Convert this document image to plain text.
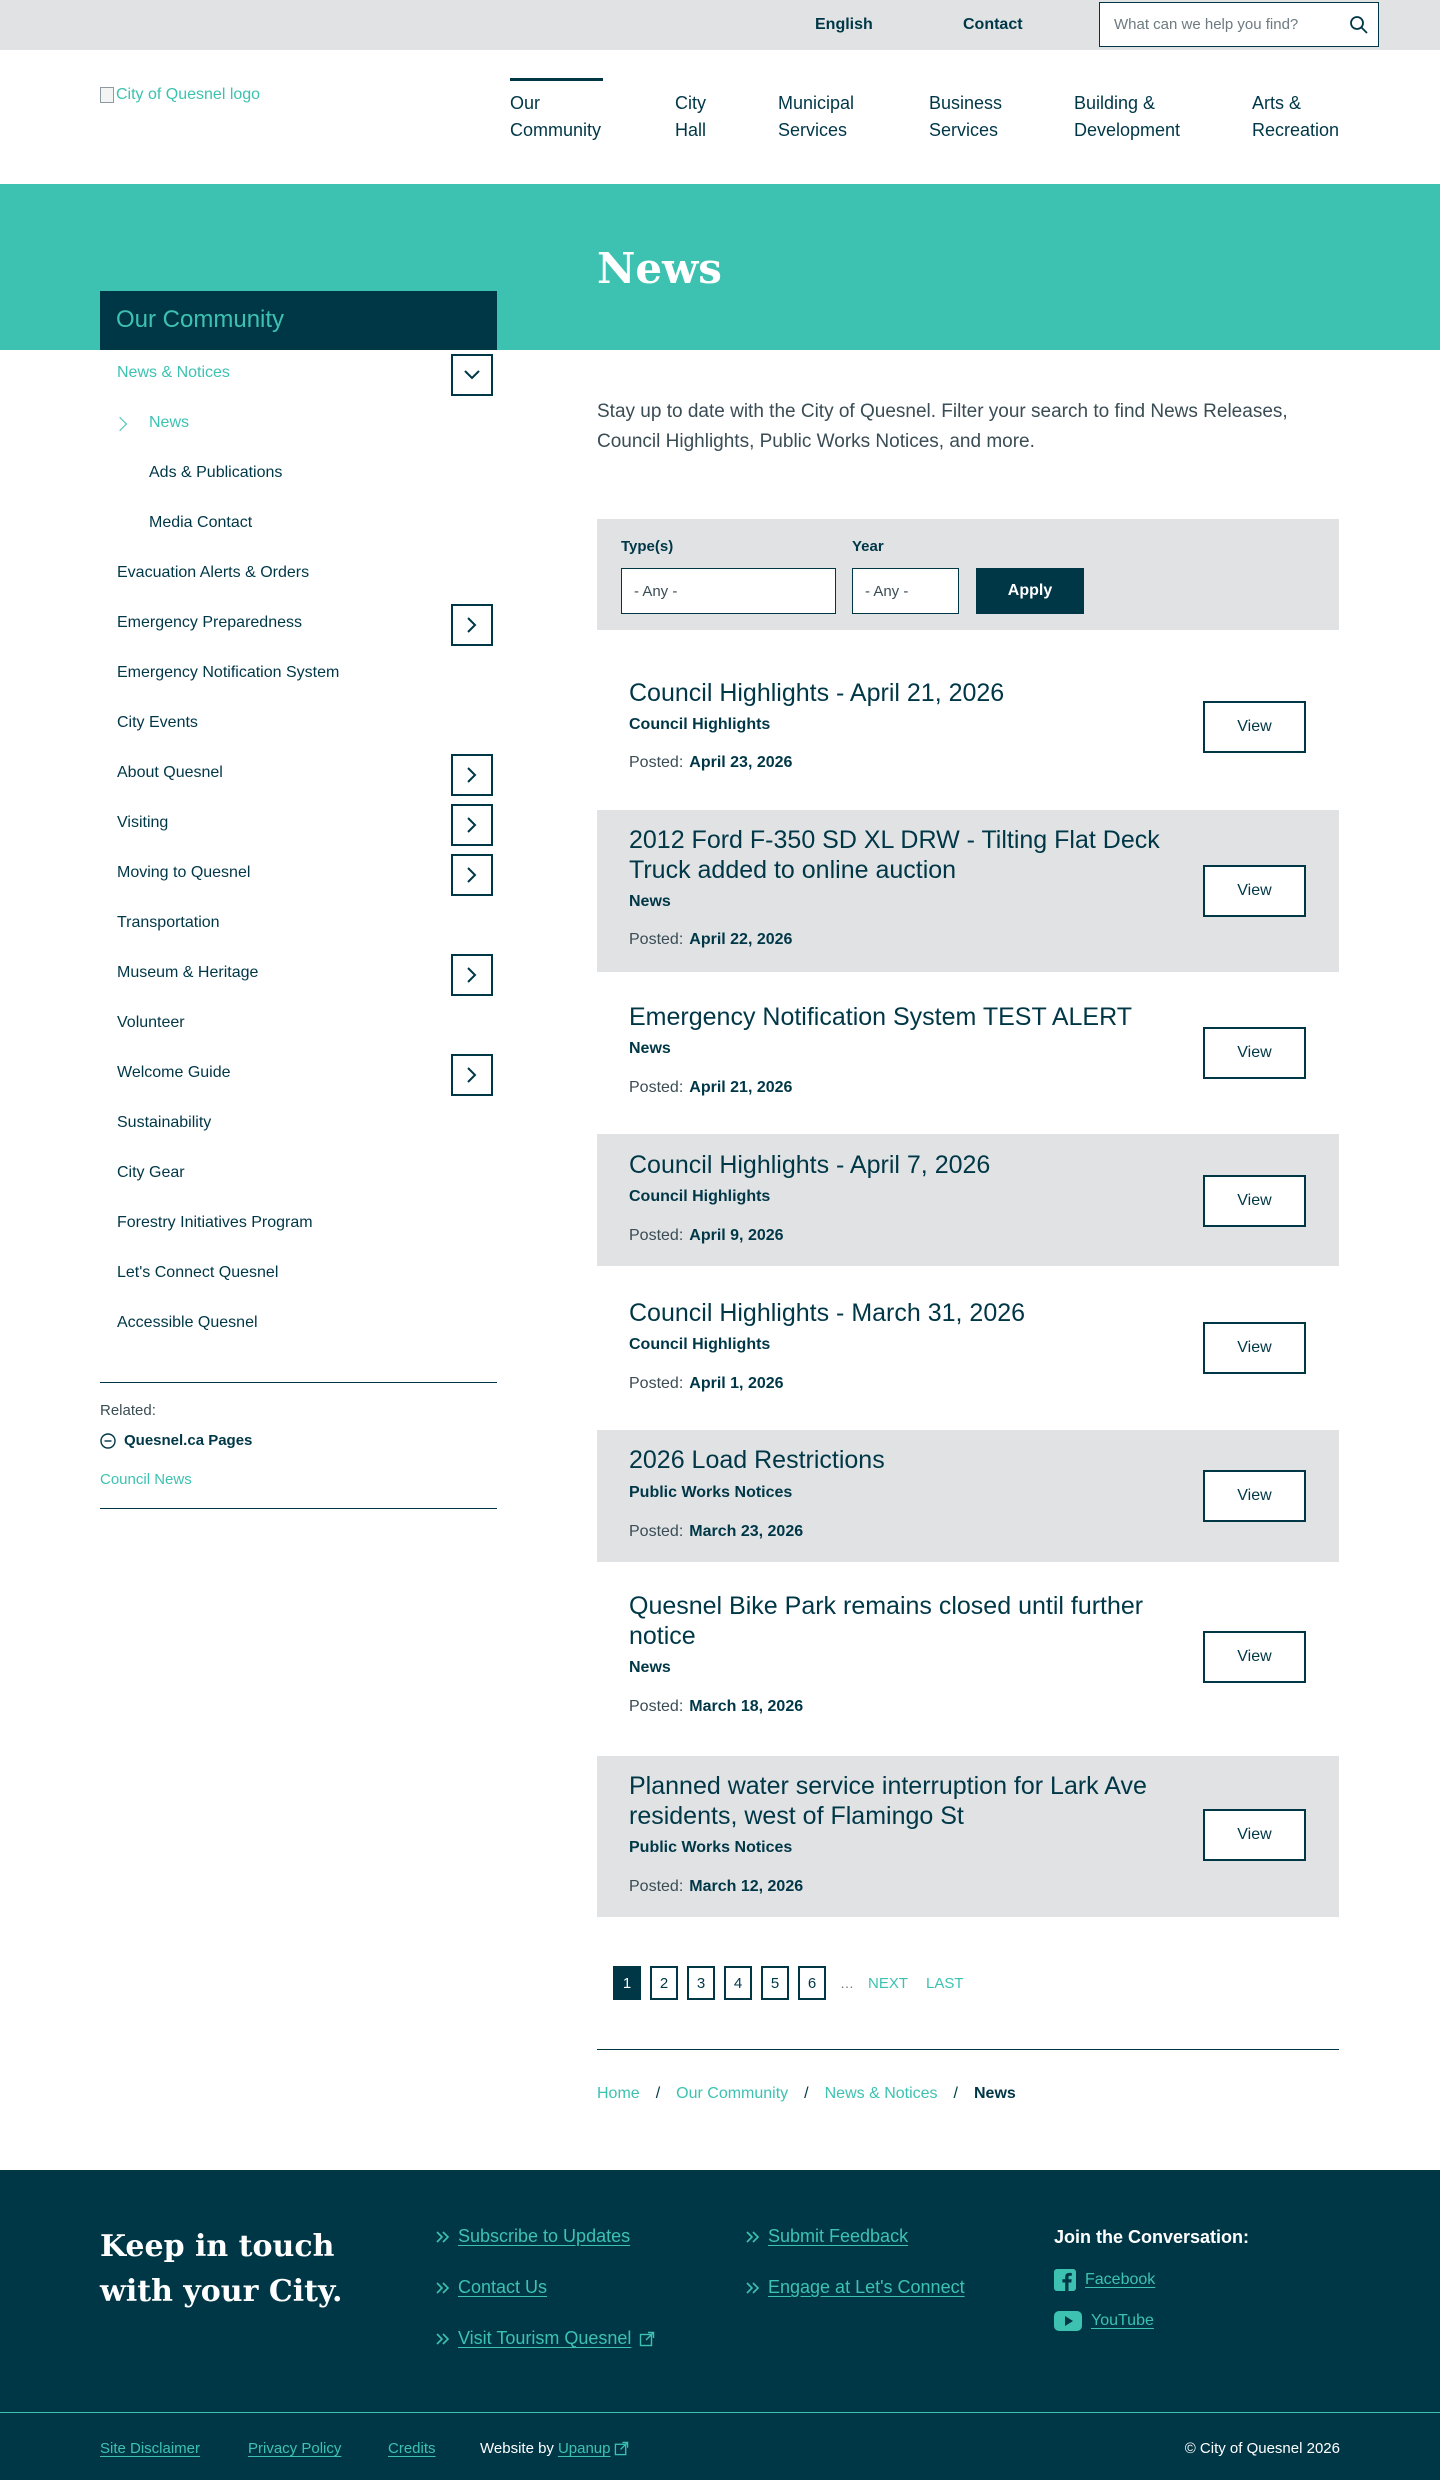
English	Contact
What can we help you find?
City of Quesnel logo	Our Community
City Hall
Municipal Services
Business Services
Building & Development
Arts & Recreation
News
Our Community
News & Notices
News
Ads & Publications
Media Contact
Evacuation Alerts & Orders
Emergency Preparedness
Emergency Notification System
City Events
About Quesnel
Visiting
Moving to Quesnel
Transportation
Museum & Heritage
Volunteer
Welcome Guide
Sustainability
City Gear
Forestry Initiatives Program
Let's Connect Quesnel
Accessible Quesnel
Related:
Quesnel.ca Pages
Council News

Stay up to date with the City of Quesnel. Filter your search to find News Releases, Council Highlights, Public Works Notices, and more.

Type(s)
- Any -
Year
- Any -	Apply
Council Highlights - April 21, 2026
Council Highlights
Posted: April 23, 2026
View
2012 Ford F-350 SD XL DRW - Tilting Flat Deck Truck added to online auction
News
Posted: April 22, 2026
View
Emergency Notification System TEST ALERT
News
Posted: April 21, 2026
View
Council Highlights - April 7, 2026
Council Highlights
Posted: April 9, 2026
View
Council Highlights - March 31, 2026
Council Highlights
Posted: April 1, 2026
View
2026 Load Restrictions
Public Works Notices
Posted: March 23, 2026
View
Quesnel Bike Park remains closed until further notice
News
Posted: March 18, 2026
View
Planned water service interruption for Lark Ave residents, west of Flamingo St
Public Works Notices
Posted: March 12, 2026
View
1	2	3	4	5	6	… NEXT LAST
Home / Our Community / News & Notices / News
Keep in touch with your City.
Subscribe to Updates
Contact Us
Visit Tourism Quesnel
Submit Feedback
Engage at Let's Connect
Join the Conversation:
Facebook
YouTube
Site Disclaimer	Privacy Policy	Credits	Website by Upanup	© City of Quesnel 2026
